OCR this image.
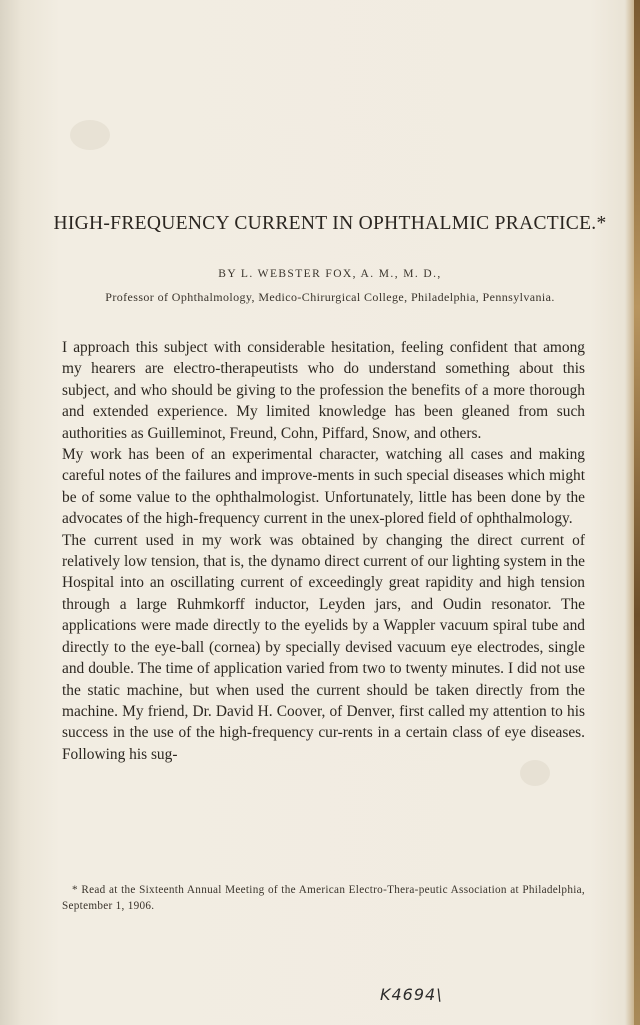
HIGH-FREQUENCY CURRENT IN OPHTHALMIC PRACTICE.*
BY L. WEBSTER FOX, A. M., M. D.,
Professor of Ophthalmology, Medico-Chirurgical College, Philadelphia, Pennsylvania.

I approach this subject with considerable hesitation, feeling confident that among my hearers are electro-therapeutists who do understand something about this subject, and who should be giving to the profession the benefits of a more thorough and extended experience. My limited knowledge has been gleaned from such authorities as Guilleminot, Freund, Cohn, Piffard, Snow, and others.

My work has been of an experimental character, watching all cases and making careful notes of the failures and improve-ments in such special diseases which might be of some value to the ophthalmologist. Unfortunately, little has been done by the advocates of the high-frequency current in the unex-plored field of ophthalmology.

The current used in my work was obtained by changing the direct current of relatively low tension, that is, the dynamo direct current of our lighting system in the Hospital into an oscillating current of exceedingly great rapidity and high tension through a large Ruhmkorff inductor, Leyden jars, and Oudin resonator. The applications were made directly to the eyelids by a Wappler vacuum spiral tube and directly to the eye-ball (cornea) by specially devised vacuum eye electrodes, single and double. The time of application varied from two to twenty minutes. I did not use the static machine, but when used the current should be taken directly from the machine. My friend, Dr. David H. Coover, of Denver, first called my attention to his success in the use of the high-frequency cur-rents in a certain class of eye diseases. Following his sug-

* Read at the Sixteenth Annual Meeting of the American Electro-Thera-peutic Association at Philadelphia, September 1, 1906.
K4694\
